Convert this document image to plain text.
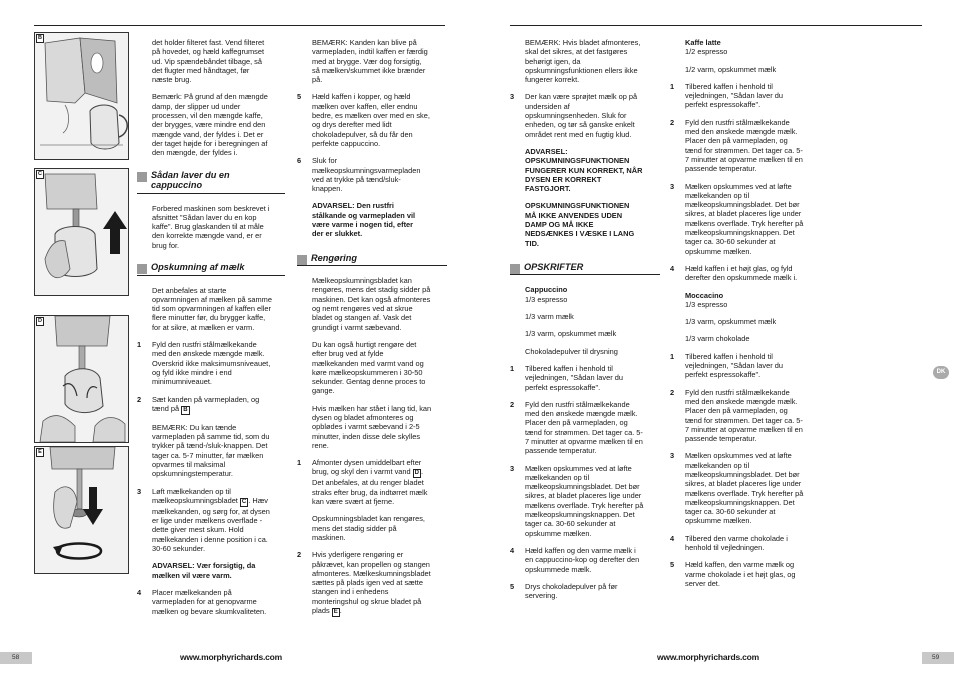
B
C
D
E

det holder filteret fast. Vend filteret
på hovedet, og hæld kaffegrumset
ud. Vip spændebåndet tilbage, så
det flugter med håndtaget, før
næste brug.

Bemærk: På grund af den mængde
damp, der slipper ud under
processen, vil den mængde kaffe,
der brygges, være mindre end den
mængde vand, der fyldes i. Det er
der taget højde for i beregningen af
den mængde, der fyldes i.

Sådan laver du en
cappuccino

Forbered maskinen som beskrevet i
afsnittet "Sådan laver du en kop
kaffe". Brug glaskanden til at måle
den korrekte mængde vand, er er
brug for.

Opskumning af mælk

Det anbefales at starte
opvarmningen af mælken på samme
tid som opvarmningen af kaffen eller
flere minutter før, du brygger kaffe,
for at sikre, at mælken er varm.

1 Fyld den rustfri stålmælkekande
med den ønskede mængde mælk.
Overskrid ikke maksimumsniveauet,
og fyld ikke mindre i end
minimumniveauet.
2 Sæt kanden på varmepladen, og
tænd på B

BEMÆRK: Du kan tænde
varmepladen på samme tid, som du
trykker på tænd-/sluk-knappen. Det
tager ca. 5-7 minutter, før mælken
opvarmes til maksimal
opskumningstemperatur.

3 Løft mælkekanden op til
mælkeopskumningsbladet C . Hæv
mælkekanden, og sørg for, at dysen
er lige under mælkens overflade -
dette giver mest skum. Hold
mælkekanden i denne position i ca.
30-60 sekunder.

ADVARSEL: Vær forsigtig, da
mælken vil være varm.

4 Placer mælkekanden på
varmepladen for at genopvarme
mælken og bevare skumkvaliteten.

BEMÆRK: Kanden kan blive på
varmepladen, indtil kaffen er færdig
med at brygge. Vær dog forsigtig,
så mælken/skummet ikke brænder
på.

5 Hæld kaffen i kopper, og hæld
mælken over kaffen, eller endnu
bedre, es mælken over med en ske,
og drys derefter med lidt
chokoladepulver, så du får den
perfekte cappuccino.
6 Sluk for
mælkeopskumningsvarmepladen
ved at trykke på tænd/sluk-
knappen.

ADVARSEL: Den rustfri
stålkande og varmepladen vil
være varme i nogen tid, efter
der er slukket.

Rengøring

Mælkeopskumningsbladet kan
rengøres, mens det stadig sidder på
maskinen. Det kan også afmonteres
og nemt rengøres ved at skrue
bladet og stangen af. Vask det
grundigt i varmt sæbevand.

Du kan også hurtigt rengøre det
efter brug ved at fylde
mælkekanden med varmt vand og
køre mælkeopskummeren i 30-50
sekunder. Gentag denne proces to
gange.

Hvis mælken har stået i lang tid, kan
dysen og bladet afmonteres og
opblødes i varmt sæbevand i 2-5
minutter, inden disse dele skylles
rene.

1 Afmonter dysen umiddelbart efter
brug, og skyl den i varmt vand D .
Det anbefales, at du renger bladet
straks efter brug, da indtørret mælk
kan være svært at fjerne.

Opskumningsbladet kan rengøres,
mens det stadig sidder på
maskinen.

2 Hvis yderligere rengøring er
påkrævet, kan propellen og stangen
afmonteres. Mælkeskumningsbladet
sættes på plads igen ved at sætte
stangen ind i enhedens
monteringshul og skrue bladet på
plads E .
58	www.morphyrichards.com

BEMÆRK: Hvis bladet afmonteres,
skal det sikres, at det fastgøres
behørigt igen, da
opskumningsfunktionen ellers ikke
fungerer korrekt.

3 Der kan være sprøjtet mælk op på
undersiden af
opskumningsenheden. Sluk for
enheden, og tør så ganske enkelt
området rent med en fugtig klud.

ADVARSEL:
OPSKUMNINGSFUNKTIONEN
FUNGERER KUN KORREKT, NÅR
DYSEN ER KORREKT
FASTGJORT.

OPSKUMNINGSFUNKTIONEN
MÅ IKKE ANVENDES UDEN
DAMP OG MÅ IKKE
NEDSÆNKES I VÆSKE I LANG
TID.

OPSKRIFTER
Cappuccino

1/3 espresso

1/3 varm mælk

1/3 varm, opskummet mælk

Chokoladepulver til drysning

1 Tilbered kaffen i henhold til
vejledningen, "Sådan laver du
perfekt espressokaffe".
2 Fyld den rustfri stålmælkekande
med den ønskede mængde mælk.
Placer den på varmepladen, og
tænd for strømmen. Det tager ca. 5-
7 minutter at opvarme mælken til en
passende temperatur.
3 Mælken opskummes ved at løfte
mælkekanden op til
mælkeopskumningsbladet. Det bør
sikres, at bladet placeres lige under
mælkens overflade. Tryk herefter på
mælkeopskumningsknappen. Det
tager ca. 30-60 sekunder at
opskumme mælken.
4 Hæld kaffen og den varme mælk i
en cappuccino-kop og derefter den
opskummede mælk.
5 Drys chokoladepulver på før
servering.
Kaffe latte

1/2 espresso

1/2 varm, opskummet mælk

1 Tilbered kaffen i henhold til
vejledningen, "Sådan laver du
perfekt espressokaffe".
2 Fyld den rustfri stålmælkekande
med den ønskede mængde mælk.
Placer den på varmepladen, og
tænd for strømmen. Det tager ca. 5-
7 minutter at opvarme mælken til en
passende temperatur.
3 Mælken opskummes ved at løfte
mælkekanden op til
mælkeopskumningsbladet. Det bør
sikres, at bladet placeres lige under
mælkens overflade. Tryk herefter på
mælkeopskumningsknappen. Det
tager ca. 30-60 sekunder at
opskumme mælken.
4 Hæld kaffen i et højt glas, og fyld
derefter den opskummede mælk i.
Moccacino

1/3 espresso

1/3 varm, opskummet mælk

1/3 varm chokolade

1 Tilbered kaffen i henhold til
vejledningen, "Sådan laver du
perfekt espressokaffe".
2 Fyld den rustfri stålmælkekande
med den ønskede mængde mælk.
Placer den på varmepladen, og
tænd for strømmen. Det tager ca. 5-
7 minutter at opvarme mælken til en
passende temperatur.
3 Mælken opskummes ved at løfte
mælkekanden op til
mælkeopskumningsbladet. Det bør
sikres, at bladet placeres lige under
mælkens overflade. Tryk herefter på
mælkeopskumningsknappen. Det
tager ca. 30-60 sekunder at
opskumme mælken.
4 Tilbered den varme chokolade i
henhold til vejledningen.
5 Hæld kaffen, den varme mælk og
varme chokolade i et højt glas, og
server det.
www.morphyrichards.com	59
DK
